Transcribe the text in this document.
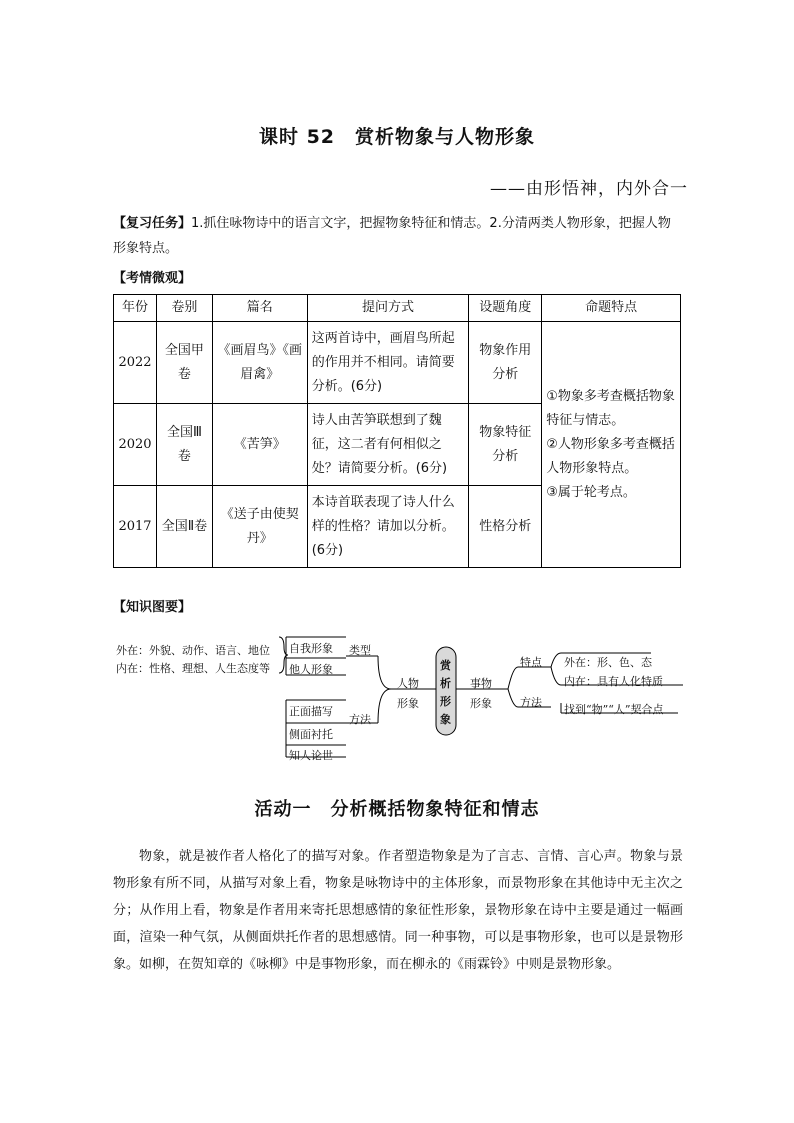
课时 52　赏析物象与人物形象
——由形悟神，内外合一
【复习任务】1.抓住咏物诗中的语言文字，把握物象特征和情志。2.分清两类人物形象，把握人物形象特点。
【考情微观】
年份	卷别	篇名	提问方式	设题角度	命题特点
2022	全国甲卷	《画眉鸟》《画眉禽》	这两首诗中，画眉鸟所起的作用并不相同。请简要分析。(6分)	物象作用分析	①物象多考查概括物象特征与情志。
②人物形象多考查概括人物形象特点。
③属于轮考点。

2020	全国Ⅲ卷	《苦笋》	诗人由苦笋联想到了魏征，这二者有何相似之处？请简要分析。(6分)	物象特征分析	
2017	全国Ⅱ卷	《送子由使契丹》	本诗首联表现了诗人什么样的性格？请加以分析。(6分)	性格分析	
【知识图要】
外在：外貌、动作、语言、地位
内在：性格、理想、人生态度等
自我形象
他人形象
类型
正面描写
侧面衬托
知人论世
方法
人物
形象
赏
析
形
象
事物
形象
特点
方法
外在：形、色、态
内在：具有人化特质
找到“物”“人”契合点
活动一　分析概括物象特征和情志
物象，就是被作者人格化了的描写对象。作者塑造物象是为了言志、言情、言心声。物象与景物形象有所不同，从描写对象上看，物象是咏物诗中的主体形象，而景物形象在其他诗中无主次之分；从作用上看，物象是作者用来寄托思想感情的象征性形象，景物形象在诗中主要是通过一幅画面，渲染一种气氛，从侧面烘托作者的思想感情。同一种事物，可以是事物形象，也可以是景物形象。如柳，在贺知章的《咏柳》中是事物形象，而在柳永的《雨霖铃》中则是景物形象。
